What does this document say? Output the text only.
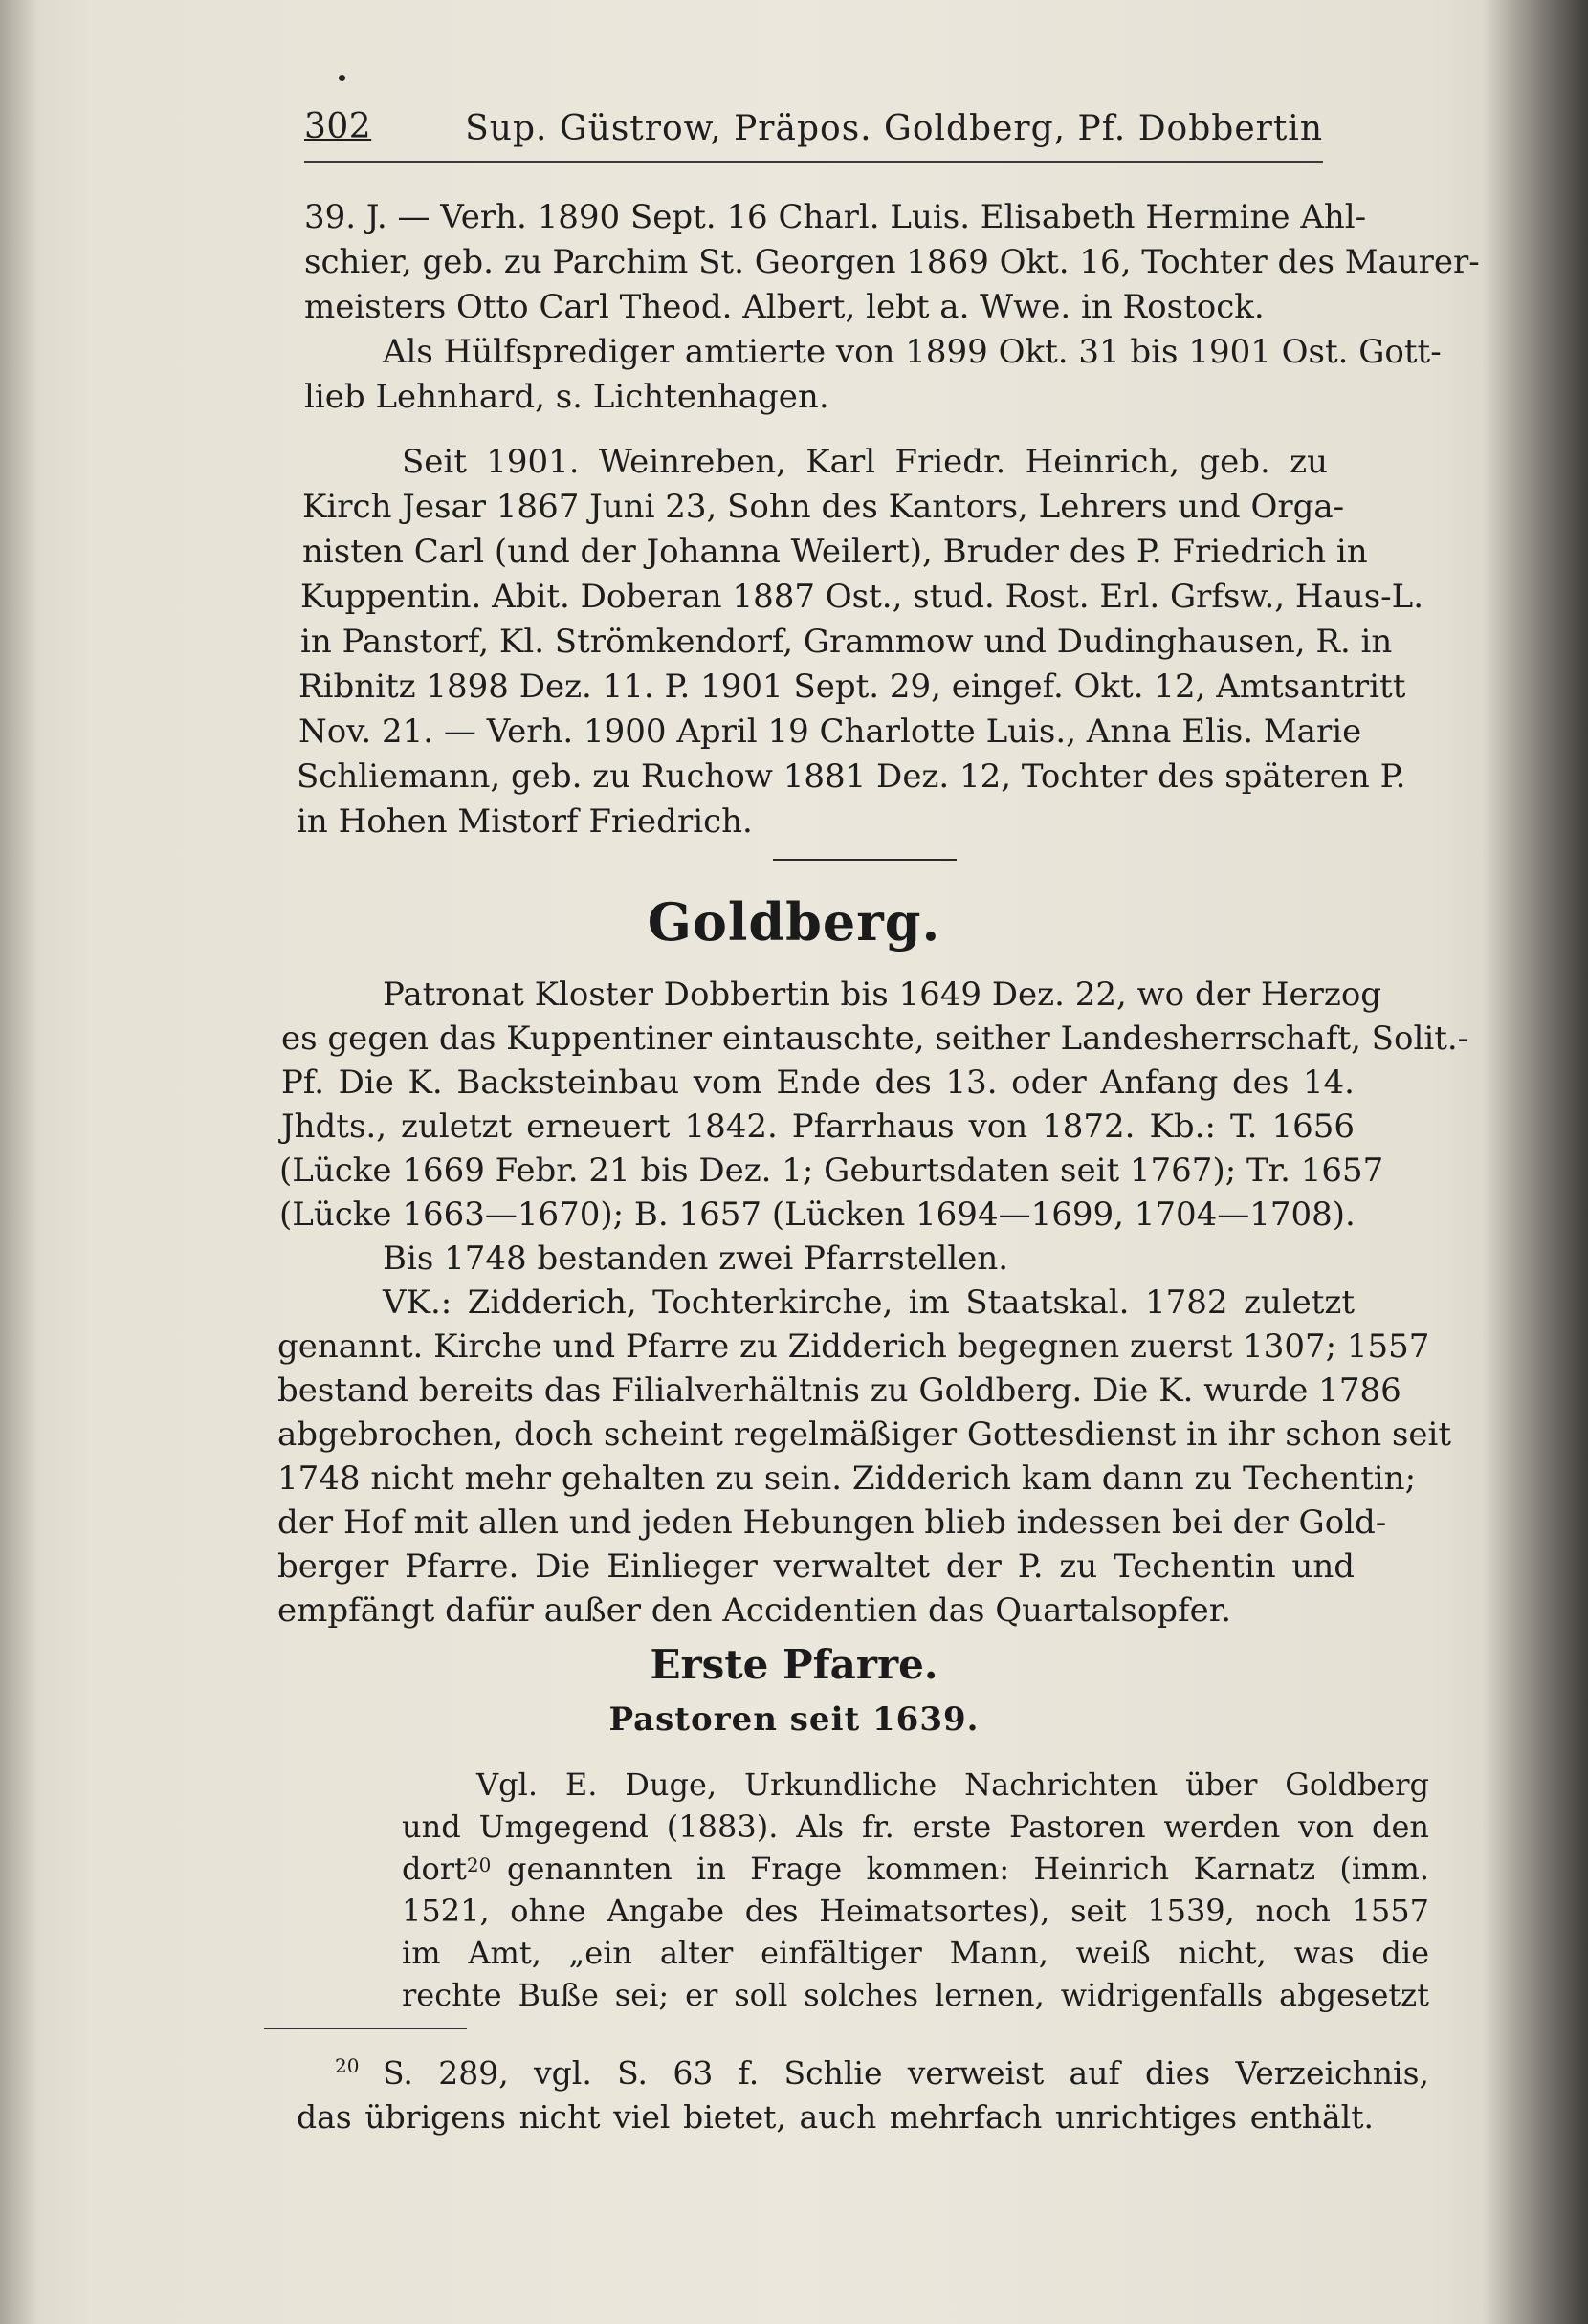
302	Sup. Güstrow, Präpos. Goldberg, Pf. Dobbertin
39. J. — Verh. 1890 Sept. 16 Charl. Luis. Elisabeth Hermine Ahl-
schier, geb. zu Parchim St. Georgen 1869 Okt. 16, Tochter des Maurer-
meisters Otto Carl Theod. Albert, lebt a. Wwe. in Rostock.
Als Hülfsprediger amtierte von 1899 Okt. 31 bis 1901 Ost. Gott-
lieb Lehnhard, s. Lichtenhagen.
Seit 1901. Weinreben, Karl Friedr. Heinrich, geb. zu
Kirch Jesar 1867 Juni 23, Sohn des Kantors, Lehrers und Orga-
nisten Carl (und der Johanna Weilert), Bruder des P. Friedrich in
Kuppentin. Abit. Doberan 1887 Ost., stud. Rost. Erl. Grfsw., Haus-L.
in Panstorf, Kl. Strömkendorf, Grammow und Dudinghausen, R. in
Ribnitz 1898 Dez. 11. P. 1901 Sept. 29, eingef. Okt. 12, Amtsantritt
Nov. 21. — Verh. 1900 April 19 Charlotte Luis., Anna Elis. Marie
Schliemann, geb. zu Ruchow 1881 Dez. 12, Tochter des späteren P.
in Hohen Mistorf Friedrich.
Goldberg.
Patronat Kloster Dobbertin bis 1649 Dez. 22, wo der Herzog
es gegen das Kuppentiner eintauschte, seither Landesherrschaft, Solit.-
Pf. Die K. Backsteinbau vom Ende des 13. oder Anfang des 14.
Jhdts., zuletzt erneuert 1842. Pfarrhaus von 1872. Kb.: T. 1656
(Lücke 1669 Febr. 21 bis Dez. 1; Geburtsdaten seit 1767); Tr. 1657
(Lücke 1663—1670); B. 1657 (Lücken 1694—1699, 1704—1708).
Bis 1748 bestanden zwei Pfarrstellen.
VK.: Zidderich, Tochterkirche, im Staatskal. 1782 zuletzt
genannt. Kirche und Pfarre zu Zidderich begegnen zuerst 1307; 1557
bestand bereits das Filialverhältnis zu Goldberg. Die K. wurde 1786
abgebrochen, doch scheint regelmäßiger Gottesdienst in ihr schon seit
1748 nicht mehr gehalten zu sein. Zidderich kam dann zu Techentin;
der Hof mit allen und jeden Hebungen blieb indessen bei der Gold-
berger Pfarre. Die Einlieger verwaltet der P. zu Techentin und
empfängt dafür außer den Accidentien das Quartalsopfer.
Erste Pfarre.
Pastoren seit 1639.
Vgl. E. Duge, Urkundliche Nachrichten über Goldberg
und Umgegend (1883). Als fr. erste Pastoren werden von den
dort$^{20}$ genannten in Frage kommen: Heinrich Karnatz (imm.
1521, ohne Angabe des Heimatsortes), seit 1539, noch 1557
im Amt, „ein alter einfältiger Mann, weiß nicht, was die
rechte Buße sei; er soll solches lernen, widrigenfalls abgesetzt
$^{20}$ S. 289, vgl. S. 63 f. Schlie verweist auf dies Verzeichnis,
das übrigens nicht viel bietet, auch mehrfach unrichtiges enthält.
